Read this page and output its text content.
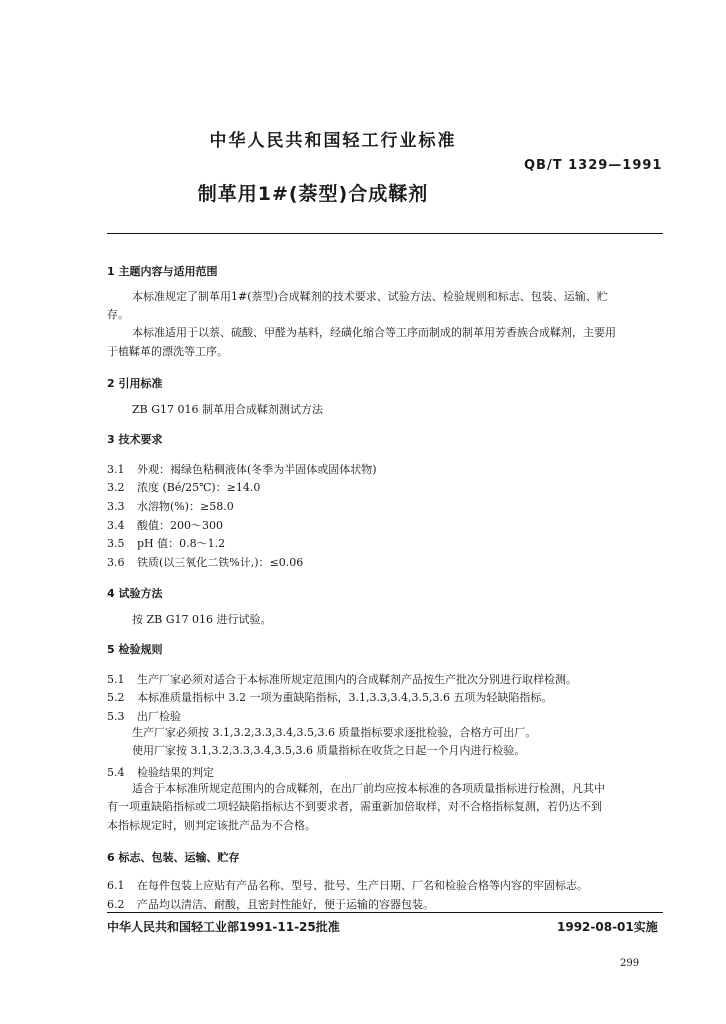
中华人民共和国轻工行业标准
QB/T 1329—1991
制革用1#(萘型)合成鞣剂
1 主题内容与适用范围
本标准规定了制革用1#(萘型)合成鞣剂的技术要求、试验方法、检验规则和标志、包装、运输、贮
存。
本标准适用于以萘、硫酸、甲醛为基料，经磺化缩合等工序而制成的制革用芳香族合成鞣剂，主要用
于植鞣革的漂洗等工序。
2 引用标准
ZB G17 016 制革用合成鞣剂测试方法
3 技术要求
3.1 外观：褐绿色粘稠液体(冬季为半固体或固体状物)
3.2 浓度 (Bé/25℃)：≥14.0
3.3 水溶物(%)：≥58.0
3.4 酸值：200～300
3.5 pH 值：0.8～1.2
3.6 铁质(以三氧化二铁%计,)：≤0.06
4 试验方法
按 ZB G17 016 进行试验。
5 检验规则
5.1 生产厂家必须对适合于本标准所规定范围内的合成鞣剂产品按生产批次分别进行取样检测。
5.2 本标准质量指标中 3.2 一项为重缺陷指标，3.1,3.3,3.4,3.5,3.6 五项为轻缺陷指标。
5.3 出厂检验
生产厂家必须按 3.1,3.2,3.3,3.4,3.5,3.6 质量指标要求逐批检验，合格方可出厂。
使用厂家按 3.1,3.2,3.3,3.4,3.5,3.6 质量指标在收货之日起一个月内进行检验。
5.4 检验结果的判定
适合于本标准所规定范围内的合成鞣剂，在出厂前均应按本标准的各项质量指标进行检测，凡其中
有一项重缺陷指标或二项轻缺陷指标达不到要求者，需重新加倍取样，对不合格指标复测，若仍达不到
本指标规定时，则判定该批产品为不合格。
6 标志、包装、运输、贮存
6.1 在每件包装上应贴有产品名称、型号、批号、生产日期、厂名和检验合格等内容的牢固标志。
6.2 产品均以清洁、耐酸，且密封性能好，便于运输的容器包装。
中华人民共和国轻工业部1991-11-25批准	1992-08-01实施
299
